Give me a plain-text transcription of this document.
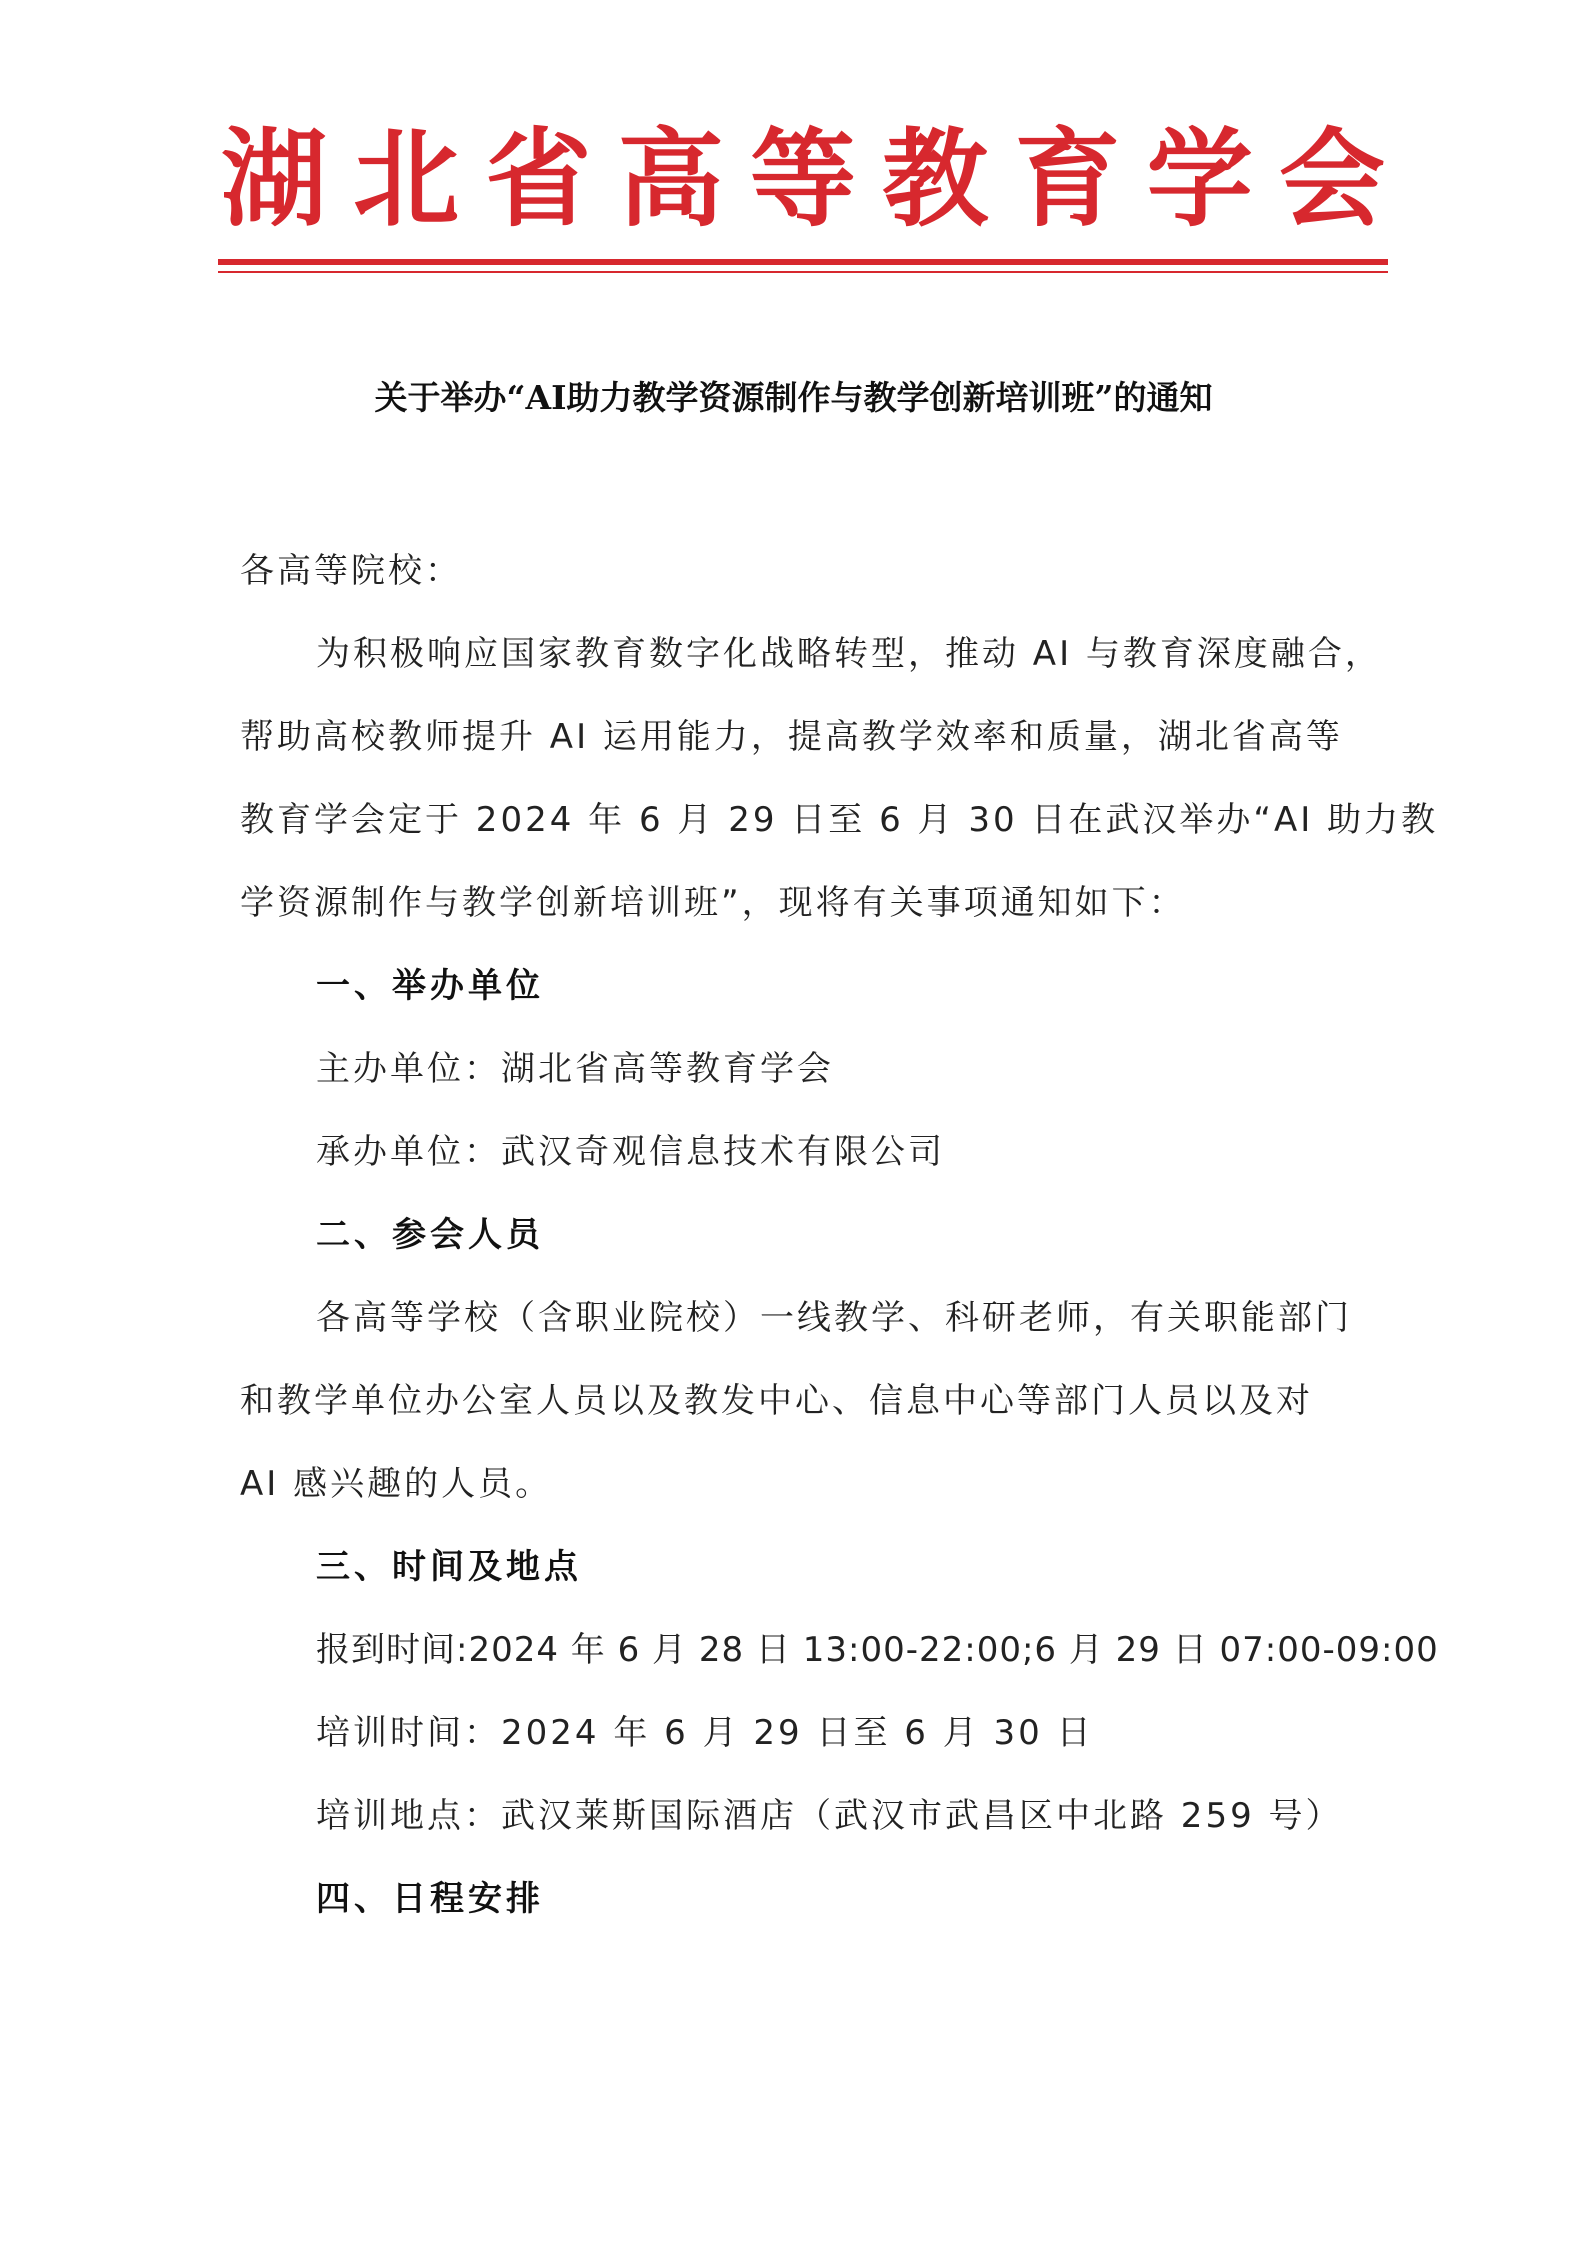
湖 北 省 高 等 教 育 学 会
关于举办“AI助力教学资源制作与教学创新培训班”的通知
各高等院校：
为积极响应国家教育数字化战略转型，推动 AI 与教育深度融合，
帮助高校教师提升 AI 运用能力，提高教学效率和质量，湖北省高等
教育学会定于 2024 年 6 月 29 日至 6 月 30 日在武汉举办“AI 助力教
学资源制作与教学创新培训班”，现将有关事项通知如下：
一、举办单位
主办单位：湖北省高等教育学会
承办单位：武汉奇观信息技术有限公司
二、参会人员
各高等学校（含职业院校）一线教学、科研老师，有关职能部门
和教学单位办公室人员以及教发中心、信息中心等部门人员以及对
AI 感兴趣的人员。
三、时间及地点
报到时间:2024 年 6 月 28 日 13:00-22:00;6 月 29 日 07:00-09:00
培训时间：2024 年 6 月 29 日至 6 月 30 日
培训地点：武汉莱斯国际酒店（武汉市武昌区中北路 259 号）
四、日程安排
